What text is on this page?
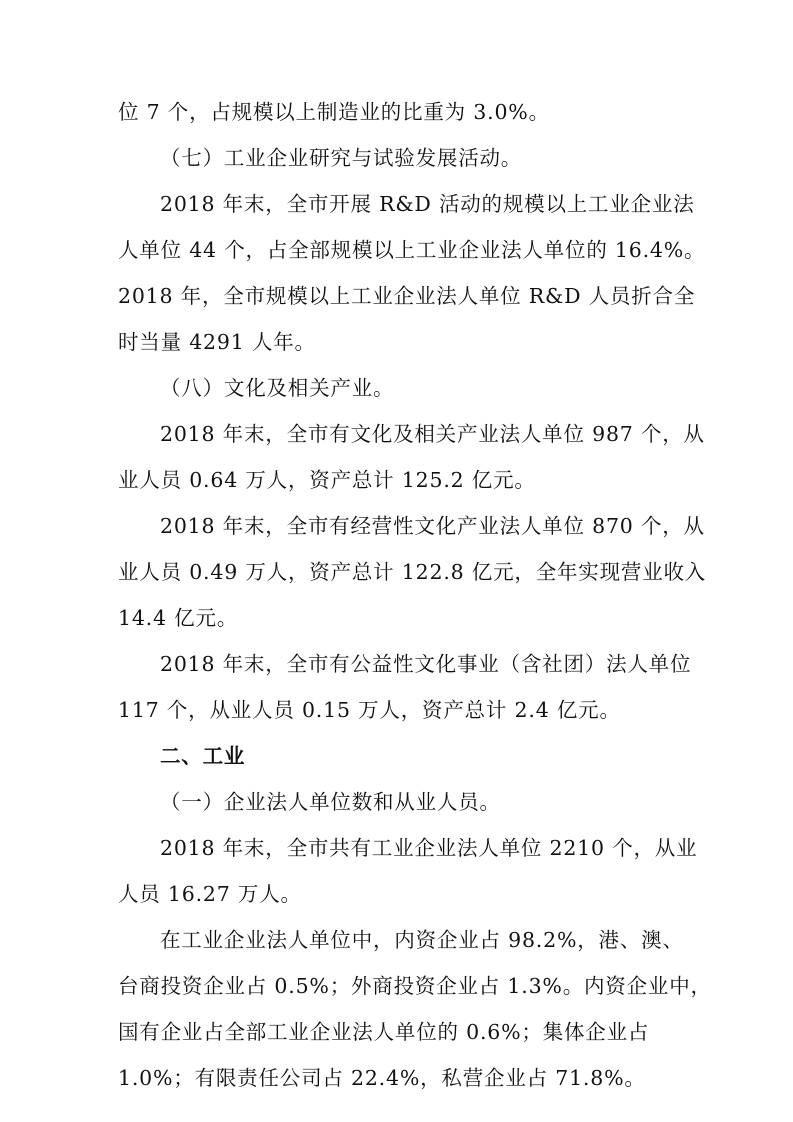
位 7 个，占规模以上制造业的比重为 3.0%。
（七）工业企业研究与试验发展活动。
2018 年末，全市开展 R&D 活动的规模以上工业企业法
人单位 44 个，占全部规模以上工业企业法人单位的 16.4%。
2018 年，全市规模以上工业企业法人单位 R&D 人员折合全
时当量 4291 人年。
（八）文化及相关产业。
2018 年末，全市有文化及相关产业法人单位 987 个，从
业人员 0.64 万人，资产总计 125.2 亿元。
2018 年末，全市有经营性文化产业法人单位 870 个，从
业人员 0.49 万人，资产总计 122.8 亿元，全年实现营业收入
14.4 亿元。
2018 年末，全市有公益性文化事业（含社团）法人单位
117 个，从业人员 0.15 万人，资产总计 2.4 亿元。
二、工业
（一）企业法人单位数和从业人员。
2018 年末，全市共有工业企业法人单位 2210 个，从业
人员 16.27 万人。
在工业企业法人单位中，内资企业占 98.2%，港、澳、
台商投资企业占 0.5%；外商投资企业占 1.3%。内资企业中，
国有企业占全部工业企业法人单位的 0.6%；集体企业占
1.0%；有限责任公司占 22.4%，私营企业占 71.8%。
